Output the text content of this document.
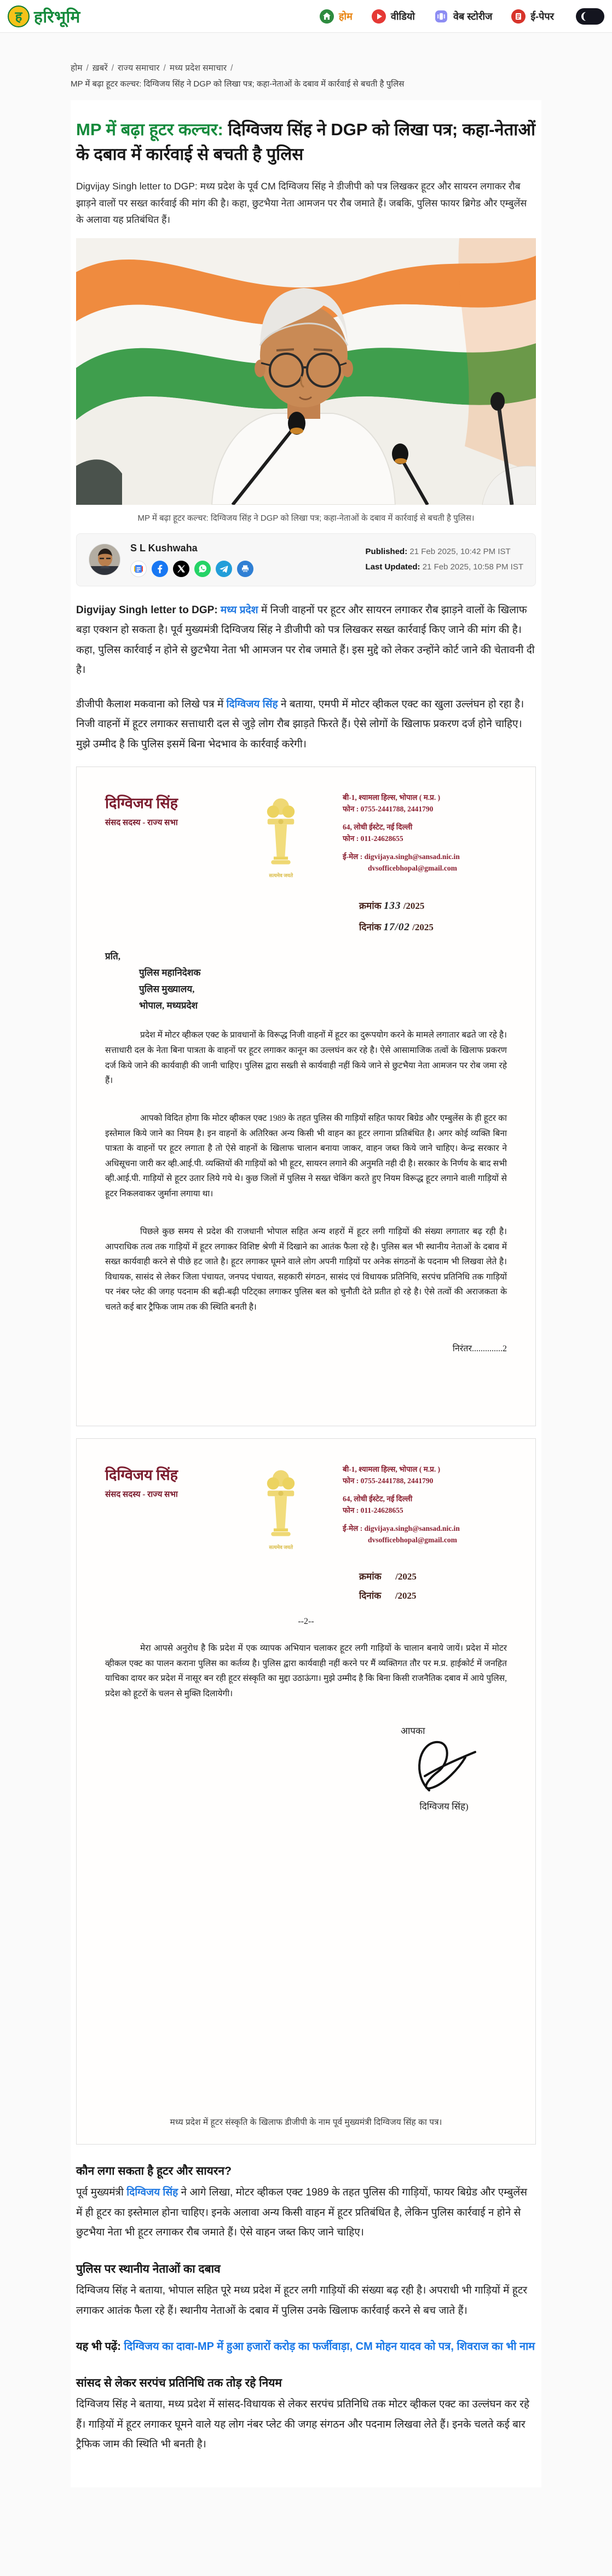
ह हरिभूमि	होम	वीडियो	वेब स्टोरीज	ई-पेपर
होम / ख़बरें / राज्य समाचार / मध्य प्रदेश समाचार /
MP में बढ़ा हूटर कल्चर: दिग्विजय सिंह ने DGP को लिखा पत्र; कहा-नेताओं के दबाव में कार्रवाई से बचती है पुलिस
MP में बढ़ा हूटर कल्चर: दिग्विजय सिंह ने DGP को लिखा पत्र; कहा-नेताओं के दबाव में कार्रवाई से बचती है पुलिस

Digvijay Singh letter to DGP: मध्य प्रदेश के पूर्व CM दिग्विजय सिंह ने डीजीपी को पत्र लिखकर हूटर और सायरन लगाकर रौब झाड़ने वालों पर सख्त कार्रवाई की मांग की है। कहा, छुटभैया नेता आमजन पर रौब जमाते हैं। जबकि, पुलिस फायर ब्रिगेड और एम्बुलेंस के अलावा यह प्रतिबंधित हैं।

MP में बढ़ा हूटर कल्चर: दिग्विजय सिंह ने DGP को लिखा पत्र; कहा-नेताओं के दबाव में कार्रवाई से बचती है पुलिस।
S L Kushwaha	Published: 21 Feb 2025, 10:42 PM IST
Last Updated: 21 Feb 2025, 10:58 PM IST

Digvijay Singh letter to DGP: मध्य प्रदेश में निजी वाहनों पर हूटर और सायरन लगाकर रौब झाड़ने वालों के खिलाफ बड़ा एक्शन हो सकता है। पूर्व मुख्यमंत्री दिग्विजय सिंह ने डीजीपी को पत्र लिखकर सख्त कार्रवाई किए जाने की मांग की है। कहा, पुलिस कार्रवाई न होने से छुटभैया नेता भी आमजन पर रोब जमाते हैं। इस मुद्दे को लेकर उन्होंने कोर्ट जाने की चेतावनी दी है।

डीजीपी कैलाश मकवाना को लिखे पत्र में दिग्विजय सिंह ने बताया, एमपी में मोटर व्हीकल एक्ट का खुला उल्लंघन हो रहा है। निजी वाहनों में हूटर लगाकर सत्ताधारी दल से जुड़े लोग रौब झाड़ते फिरते हैं। ऐसे लोगों के खिलाफ प्रकरण दर्ज होने चाहिए। मुझे उम्मीद है कि पुलिस इसमें बिना भेदभाव के कार्रवाई करेगी।

दिग्विजय सिंह
संसद सदस्य - राज्य सभा
सत्यमेव जयते
बी-1, श्यामला हिल्स, भोपाल ( म.प्र. )
फोन : 0755-2441788, 2441790
64, लोधी ईस्टेट, नई दिल्ली
फोन : 011-24628655
ई-मेल : digvijaya.singh@sansad.nic.in
dvsofficebhopal@gmail.com
क्रमांक 133 /2025
दिनांक 17/02 /2025
प्रति,
पुलिस महानिदेशक
पुलिस मुख्यालय,
भोपाल, मध्यप्रदेश

प्रदेश में मोटर व्हीकल एक्ट के प्रावधानों के विरूद्ध निजी वाहनों में हूटर का दुरूपयोग करने के मामले लगातार बढते जा रहे है। सत्ताधारी दल के नेता बिना पात्रता के वाहनों पर हूटर लगाकर कानून का उल्लघंन कर रहे है। ऐसे आसामाजिक तत्वों के खिलाफ प्रकरण दर्ज किये जाने की कार्यवाही की जानी चाहिए। पुलिस द्वारा सख्ती से कार्यवाही नहीं किये जाने से छुटभैया नेता आमजन पर रोब जमा रहे हैं।

आपको विदित होगा कि मोटर व्हीकल एक्ट 1989 के तहत पुलिस की गाड़ियों सहित फायर बिग्रेड और एम्बुलेंस के ही हूटर का इस्तेमाल किये जाने का नियम है। इन वाहनों के अतिरिक्त अन्य किसी भी वाहन का हूटर लगाना प्रतिबंधित है। अगर कोई व्यक्ति बिना पात्रता के वाहनों पर हूटर लगाता है तो ऐसे वाहनों के खिलाफ चालान बनाया जाकर, वाहन जब्त किये जाने चाहिए। केन्द्र सरकार ने अधिसूचना जारी कर व्ही.आई.पी. व्यक्तियों की गाड़ियों को भी हूटर, सायरन लगाने की अनुमति नही दी है। सरकार के निर्णय के बाद सभी व्ही.आई.पी. गाड़ियों से हूटर उतार लिये गये थे। कुछ जिलों में पुलिस ने सख्त चेकिंग करते हुए नियम विरूद्ध हूटर लगाने वाली गाड़ियों से हूटर निकलवाकर जुर्माना लगाया था।

पिछले कुछ समय से प्रदेश की राजधानी भोपाल सहित अन्य शहरों में हूटर लगी गाड़ियों की संख्या लगातार बढ़ रही है। आपराधिक तत्व तक गाड़ियों में हूटर लगाकर विशिष्ट श्रेणी में दिखाने का आतंक फैला रहे है। पुलिस बल भी स्थानीय नेताओं के दबाव में सख्त कार्यवाही करने से पीछे हट जाते है। हूटर लगाकर घूमने वाले लोग अपनी गाड़ियों पर अनेक संगठनों के पदनाम भी लिखवा लेते है। विधायक, सासंद से लेकर जिला पंचायत, जनपद पंचायत, सहकारी संगठन, सासंद एवं विधायक प्रतिनिधि, सरपंच प्रतिनिधि तक गाड़ियों पर नंबर प्लेट की जगह पदनाम की बढ़ी-बढ़ी पटिट्का लगाकर पुलिस बल को चुनौती देते प्रतीत हो रहे है। ऐसे तत्वों की अराजकता के चलते कई बार ट्रैफिक जाम तक की स्थिति बनती है।

निरंतर..............2
दिग्विजय सिंह
संसद सदस्य - राज्य सभा
सत्यमेव जयते
बी-1, श्यामला हिल्स, भोपाल ( म.प्र. )
फोन : 0755-2441788, 2441790
64, लोधी ईस्टेट, नई दिल्ली
फोन : 011-24628655
ई-मेल : digvijaya.singh@sansad.nic.in
dvsofficebhopal@gmail.com
क्रमांक /2025
दिनांक /2025
--2--

मेरा आपसे अनुरोध है कि प्रदेश में एक व्यापक अभियान चलाकर हूटर लगी गाड़ियों के चालान बनाये जायें। प्रदेश में मोटर व्हीकल एक्ट का पालन कराना पुलिस का कर्तव्य है। पुलिस द्वारा कार्यवाही नहीं करने पर मैं व्यक्तिगत तौर पर म.प्र. हाईकोर्ट में जनहित याचिका दायर कर प्रदेश में नासूर बन रही हूटर संस्कृति का मुद्दा उठाऊंगा। मुझे उम्मीद है कि बिना किसी राजनैतिक दबाव में आये पुलिस, प्रदेश को हूटरों के चलन से मुक्ति दिलायेगी।

आपका
दिग्विजय सिंह)
मध्य प्रदेश में हूटर संस्कृति के खिलाफ डीजीपी के नाम पूर्व मुख्यमंत्री दिग्विजय सिंह का पत्र।
कौन लगा सकता है हूटर और सायरन?

पूर्व मुख्यमंत्री दिग्विजय सिंह ने आगे लिखा, मोटर व्हीकल एक्ट 1989 के तहत पुलिस की गाड़ियों, फायर बिग्रेड और एम्बुलेंस में ही हूटर का इस्तेमाल होना चाहिए। इनके अलावा अन्य किसी वाहन में हूटर प्रतिबंधित है, लेकिन पुलिस कार्रवाई न होने से छुटभैया नेता भी हूटर लगाकर रौब जमाते हैं। ऐसे वाहन जब्त किए जाने चाहिए।

पुलिस पर स्थानीय नेताओं का दबाव

दिग्विजय सिंह ने बताया, भोपाल सहित पूरे मध्य प्रदेश में हूटर लगी गाड़ियों की संख्या बढ़ रही है। अपराधी भी गाड़ियों में हूटर लगाकर आतंक फैला रहे हैं। स्थानीय नेताओं के दबाव में पुलिस उनके खिलाफ कार्रवाई करने से बच जाते हैं।

यह भी पढ़ें: दिग्विजय का दावा-MP में हुआ हजारों करोड़ का फर्जीवाड़ा, CM मोहन यादव को पत्र, शिवराज का भी नाम
सांसद से लेकर सरपंच प्रतिनिधि तक तोड़ रहे नियम

दिग्विजय सिंह ने बताया, मध्य प्रदेश में सांसद-विधायक से लेकर सरपंच प्रतिनिधि तक मोटर व्हीकल एक्ट का उल्लंघन कर रहे हैं। गाड़ियों में हूटर लगाकर घूमने वाले यह लोग नंबर प्लेट की जगह संगठन और पदनाम लिखवा लेते हैं। इनके चलते कई बार ट्रैफिक जाम की स्थिति भी बनती है।
